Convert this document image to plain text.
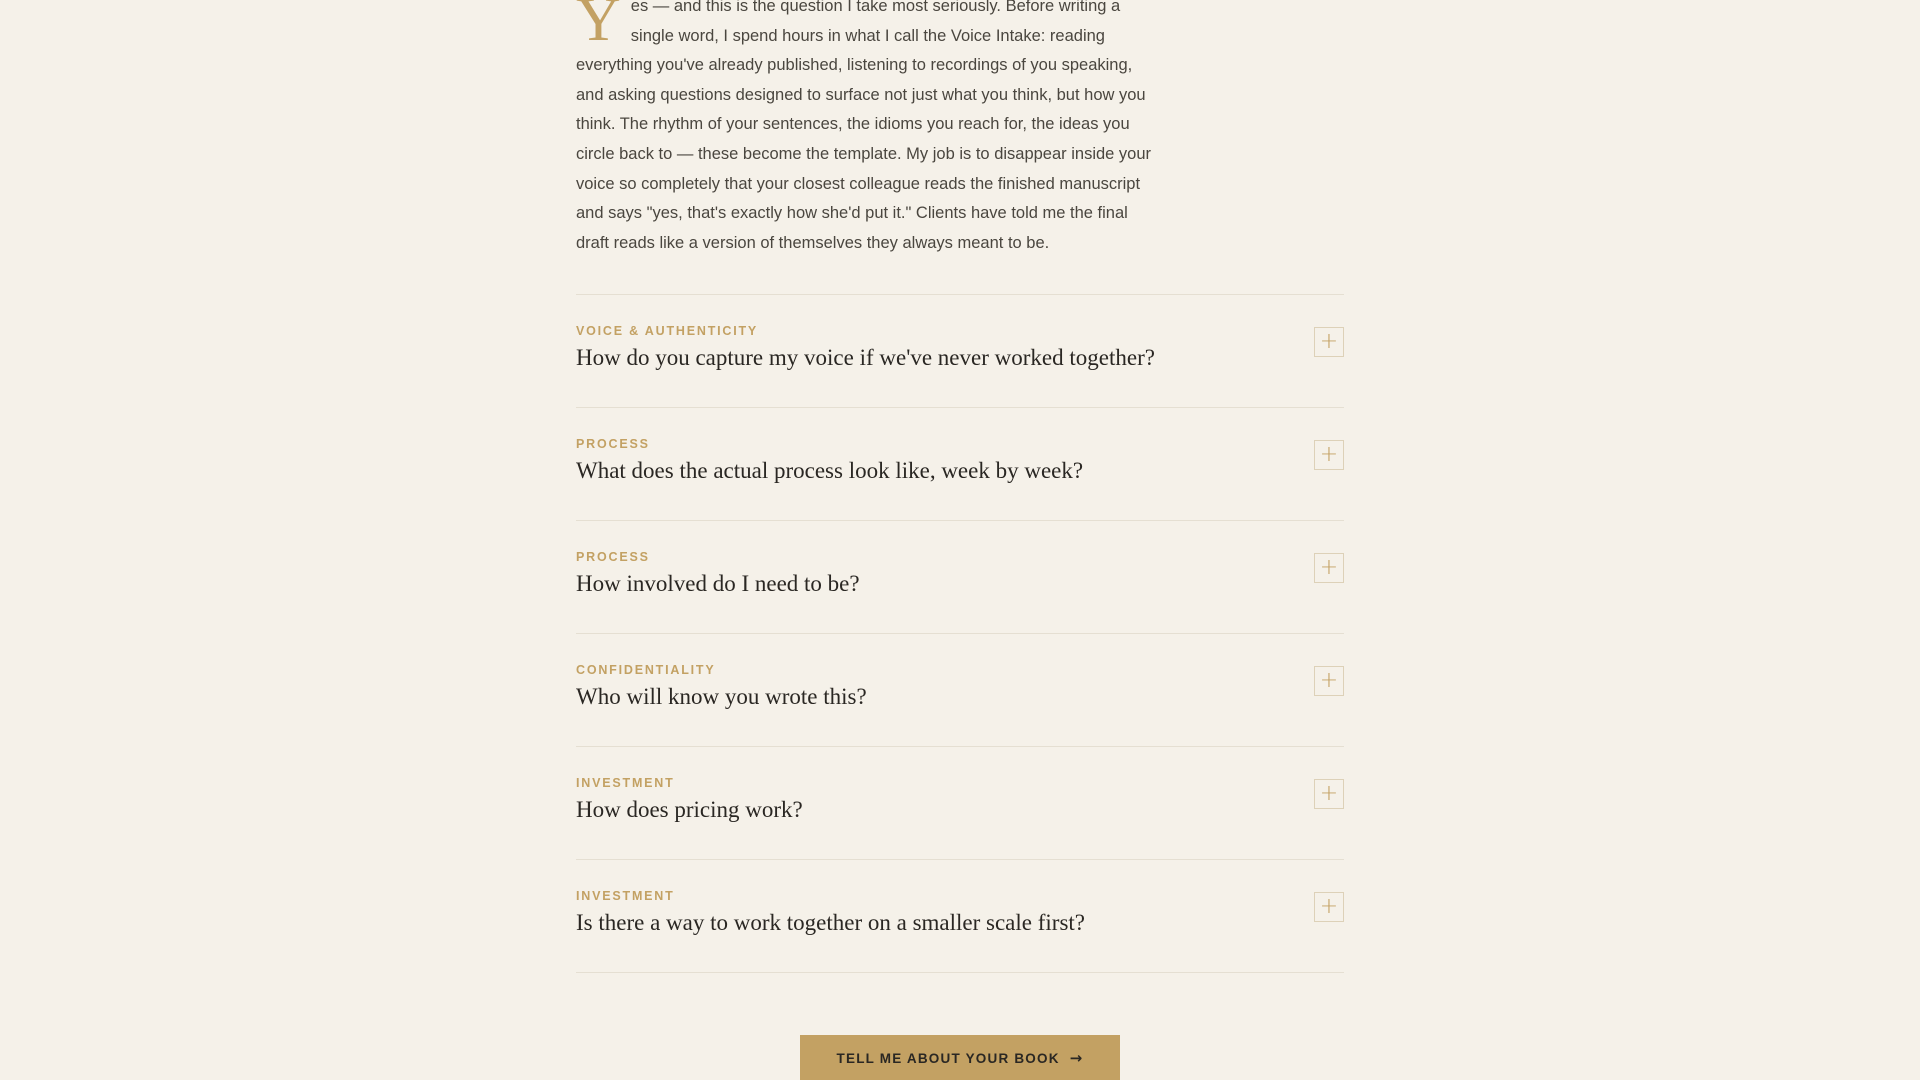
Yes — and this is the question I take most seriously. Before writing a single word, I spend hours in what I call the Voice Intake: reading everything you've already published, listening to recordings of you speaking, and asking questions designed to surface not just what you think, but how you think. The rhythm of your sentences, the idioms you reach for, the ideas you circle back to — these become the template. My job is to disappear inside your voice so completely that your closest colleague reads the finished manuscript and says "yes, that's exactly how she'd put it." Clients have told me the final draft reads like a version of themselves they always meant to be.
VOICE & AUTHENTICITY
How do you capture my voice if we've never worked together?
+
PROCESS
What does the actual process look like, week by week?
+
PROCESS
How involved do I need to be?
+
CONFIDENTIALITY
Who will know you wrote this?
+
INVESTMENT
How does pricing work?
+
INVESTMENT
Is there a way to work together on a smaller scale first?
+
TELL ME ABOUT YOUR BOOK →
